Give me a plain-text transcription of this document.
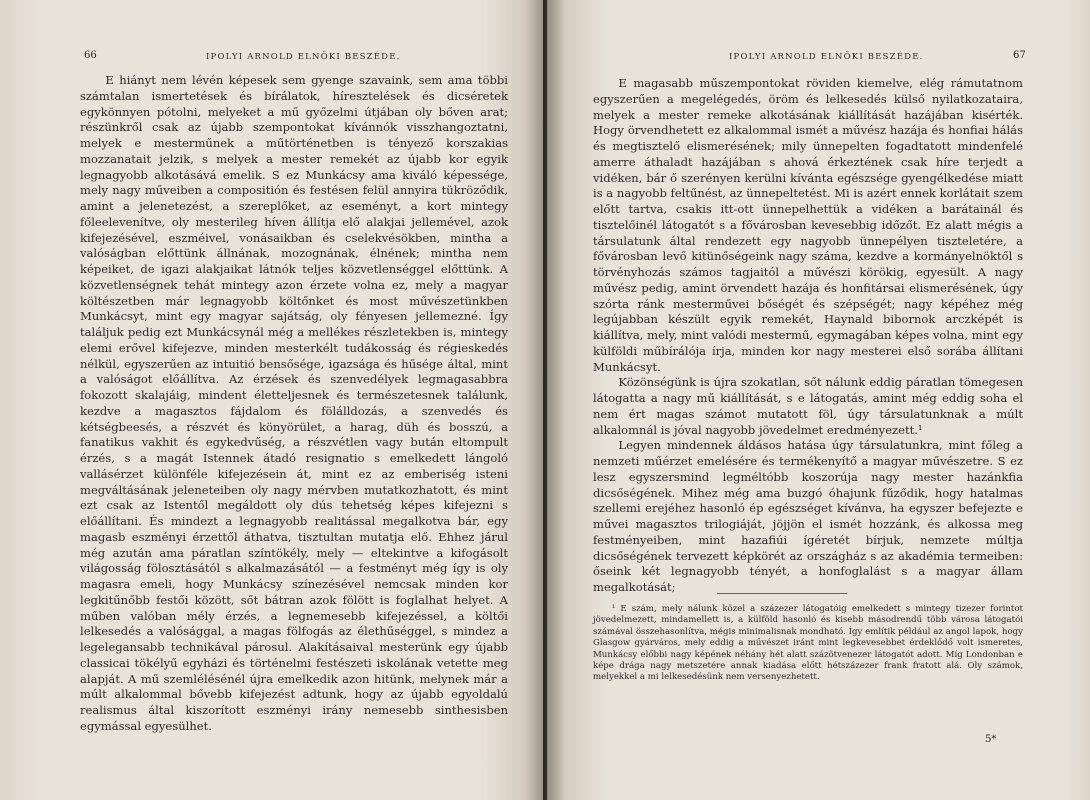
66	IPOLYI ARNOLD ELNÖKI BESZÉDE.

E hiányt nem lévén képesek sem gyenge szavaink, sem ama többi számtalan ismertetések és bírálatok, híresztelések és dicséretek egykönnyen pótolni, melyeket a mű győzelmi útjában oly bőven arat; részünkről csak az újabb szempontokat kívánnók visszhangoztatni, melyek e mesterműnek a műtörténetben is tényező korszakias mozzanatait jelzik, s melyek a mester remekét az újabb kor egyik legnagyobb alkotásává emelik. S ez Munkácsy ama kiváló képessége, mely nagy műveiben a compositión és festésen felül annyira tükröződik, amint a jelenetezést, a szereplőket, az eseményt, a kort mintegy főleelevenítve, oly mesterileg híven állítja elő alakjai jellemével, azok kifejezésével, eszméivel, vonásaikban és cselekvésökben, mintha a valóságban előttünk állnának, mozognának, élnének; mintha nem képeiket, de igazi alakjaikat látnók teljes közvetlenséggel előttünk. A közvetlenségnek tehát mintegy azon érzete volna ez, mely a magyar költészetben már legnagyobb költőnket és most művészetünkben Munkácsyt, mint egy magyar sajátság, oly fényesen jellemezné. Így találjuk pedig ezt Munkácsynál még a mellékes részletekben is, mintegy elemi erővel kifejezve, minden mesterkélt tudákosság és régieskedés nélkül, egyszerűen az intuitió bensősége, igazsága és hűsége által, mint a valóságot előállítva. Az érzések és szenvedélyek legmagasabbra fokozott skalajáig, mindent életteljesnek és természetesnek találunk, kezdve a magasztos fájdalom és fölálldozás, a szenvedés és kétségbeesés, a részvét és könyörület, a harag, düh és bosszú, a fanatikus vakhit és egykedvűség, a részvétlen vagy bután eltompult érzés, s a magát Istennek átadó resignatio s emelkedett lángoló vallásérzet különféle kifejezésein át, mint ez az emberiség isteni megváltásának jeleneteiben oly nagy mérvben mutatkozhatott, és mint ezt csak az Istentől megáldott oly dús tehetség képes kifejezni s előállítani. És mindezt a legnagyobb realitással megalkotva bár, egy magasb eszményi érzettől áthatva, tisztultan mutatja elő. Ehhez járul még azután ama páratlan színtökély, mely — eltekintve a kifogásolt világosság fölosztásától s alkalmazásától — a festményt még így is oly magasra emeli, hogy Munkácsy színezésével nemcsak minden kor legkitűnőbb festői között, sőt bátran azok fölött is foglalhat helyet. A műben valóban mély érzés, a legnemesebb kifejezéssel, a költői lelkesedés a valósággal, a magas fölfogás az élethűséggel, s mindez a legelegansabb technikával párosul. Alakításaival mesterünk egy újabb classicai tökélyű egyházi és történelmi festészeti iskolának vetette meg alapját. A mű szemlélésénél újra emelkedik azon hitünk, melynek már a múlt alkalommal bővebb kifejezést adtunk, hogy az újabb egyoldalú realismus által kiszorított eszményi irány nemesebb sinthesisben egymással egyesülhet.

IPOLYI ARNOLD ELNÖKI BESZÉDE.	67

E magasabb műszempontokat röviden kiemelve, elég rámutatnom egyszerűen a megelégedés, öröm és lelkesedés külső nyilatkozataira, melyek a mester remeke alkotásának kiállítását hazájában kisérték. Hogy örvendhetett ez alkalommal ismét a művész hazája és honfiai hálás és megtisztelő elismerésének; mily ünnepelten fogadtatott mindenfelé amerre áthaladt hazájában s ahová érkeztének csak híre terjedt a vidéken, bár ő szerényen kerülni kívánta egészsége gyengélkedése miatt is a nagyobb feltűnést, az ünnepeltetést. Mi is azért ennek korlátait szem előtt tartva, csakis itt-ott ünnepelhettük a vidéken a barátainál és tisztelőinél látogatót s a fővárosban kevesebbig időzőt. Ez alatt mégis a társulatunk által rendezett egy nagyobb ünnepélyen tiszteletére, a fővárosban levő kitünőségeink nagy száma, kezdve a kormányelnöktől s törvényhozás számos tagjaitól a művészi körökig, egyesült. A nagy művész pedig, amint örvendett hazája és honfitársai elismerésének, úgy szórta ránk mesterművei bőségét és szépségét; nagy képéhez még legújabban készült egyik remekét, Haynald bibornok arczképét is kiállítva, mely, mint valódi mestermű, egymagában képes volna, mint egy külföldi műbírálója írja, minden kor nagy mesterei első sorába állítani Munkácsyt.

Közönségünk is újra szokatlan, sőt nálunk eddig páratlan tömegesen látogatta a nagy mű kiállítását, s e látogatás, amint még eddig soha el nem ért magas számot mutatott föl, úgy társulatunknak a múlt alkalomnál is jóval nagyobb jövedelmet eredményezett.¹

Legyen mindennek áldásos hatása úgy társulatunkra, mint főleg a nemzeti műérzet emelésére és termékenyítő a magyar művészetre. S ez lesz egyszersmind legméltóbb koszorúja nagy mester hazánkfia dicsőségének. Mihez még ama buzgó óhajunk fűződik, hogy hatalmas szellemi erejéhez hasonló ép egészséget kívánva, ha egyszer befejezte e művei magasztos trilogiáját, jöjjön el ismét hozzánk, és alkossa meg festményeiben, mint hazafiúi ígéretét bírjuk, nemzete múltja dicsőségének tervezett képkörét az országház s az akadémia termeiben: őseink két legnagyobb tényét, a honfoglalást s a magyar állam megalkotását;

¹ E szám, mely nálunk közel a százezer látogatóig emelkedett s mintegy tizezer forintot jövedelmezett, mindamellett is, a külföld hasonló és kisebb másodrendű több városa látogatói számával összehasonlítva, mégis minimalisnak mondható. Így említik például az angol lapok, hogy Glasgow gyárváros, mely eddig a művészet iránt mint legkevesebbet érdeklődő volt ismeretes, Munkácsy előbbi nagy képének néhány hét alatt százötvenezer látogatót adott. Míg Londonban e képe drága nagy metszetére annak kiadása előtt hétszázezer frank fratott alá. Oly számok, melyekkel a mi lelkesedésünk nem versenyezhetett.

5*
